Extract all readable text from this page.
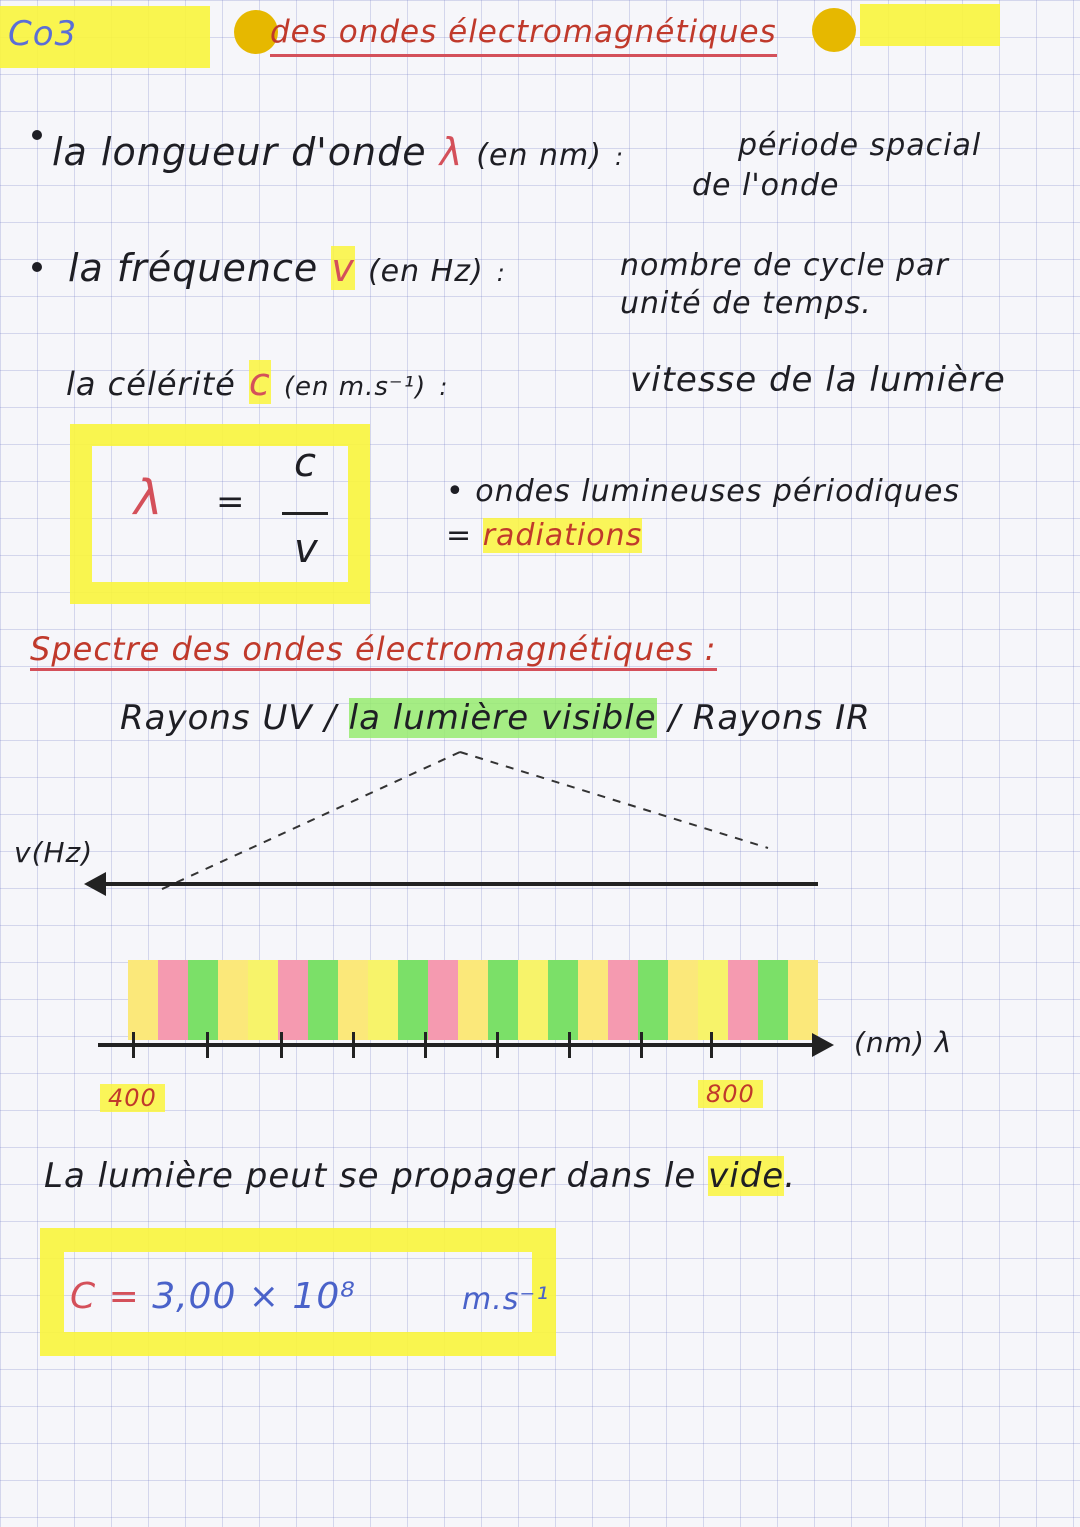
Co3	des ondes électromagnétiques
la longueur d'onde λ (en nm) :	période spacial
de l'onde
la fréquence v (en Hz) :	nombre de cycle par
unité de temps.
la célérité c (en m.s⁻¹) :	vitesse de la lumière
λ =
c
v
• ondes lumineuses périodiques
= radiations
Spectre des ondes électromagnétiques :
Rayons UV / la lumière visible / Rayons IR
v(Hz)
(nm) λ
400	800
La lumière peut se propager dans le vide.
C = 3,00 × 10⁸	m.s⁻¹
